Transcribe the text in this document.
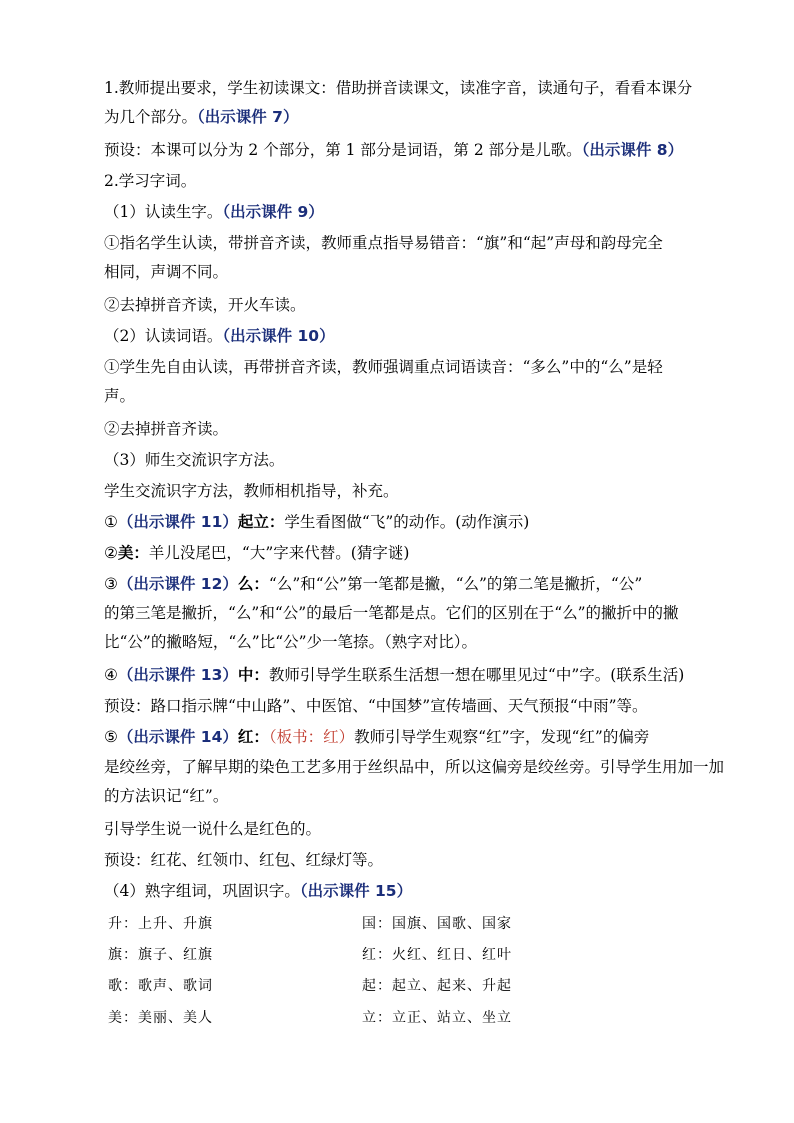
1.教师提出要求，学生初读课文：借助拼音读课文，读准字音，读通句子，看看本课分
为几个部分。（出示课件 7）
预设：本课可以分为 2 个部分，第 1 部分是词语，第 2 部分是儿歌。（出示课件 8）
2.学习字词。
（1）认读生字。（出示课件 9）
①指名学生认读，带拼音齐读，教师重点指导易错音：“旗”和“起”声母和韵母完全
相同，声调不同。
②去掉拼音齐读，开火车读。
（2）认读词语。（出示课件 10）
①学生先自由认读，再带拼音齐读，教师强调重点词语读音：“多么”中的“么”是轻
声。
②去掉拼音齐读。
（3）师生交流识字方法。
学生交流识字方法，教师相机指导，补充。
①（出示课件 11）起立：学生看图做“飞”的动作。(动作演示)
②美：羊儿没尾巴，“大”字来代替。(猜字谜)
③（出示课件 12）么：“么”和“公”第一笔都是撇，“么”的第二笔是撇折，“公”
的第三笔是撇折，“么”和“公”的最后一笔都是点。它们的区别在于“么”的撇折中的撇
比“公”的撇略短，“么”比“公”少一笔捺。（熟字对比）。
④（出示课件 13）中：教师引导学生联系生活想一想在哪里见过“中”字。(联系生活)
预设：路口指示牌“中山路”、中医馆、“中国梦”宣传墙画、天气预报“中雨”等。
⑤（出示课件 14）红：（板书：红）教师引导学生观察“红”字，发现“红”的偏旁
是绞丝旁，了解早期的染色工艺多用于丝织品中，所以这偏旁是绞丝旁。引导学生用加一加
的方法识记“红”。
引导学生说一说什么是红色的。
预设：红花、红领巾、红包、红绿灯等。
（4）熟字组词，巩固识字。（出示课件 15）
升：上升、升旗	国：国旗、国歌、国家
旗：旗子、红旗	红：火红、红日、红叶
歌：歌声、歌词	起：起立、起来、升起
美：美丽、美人	立：立正、站立、坐立
